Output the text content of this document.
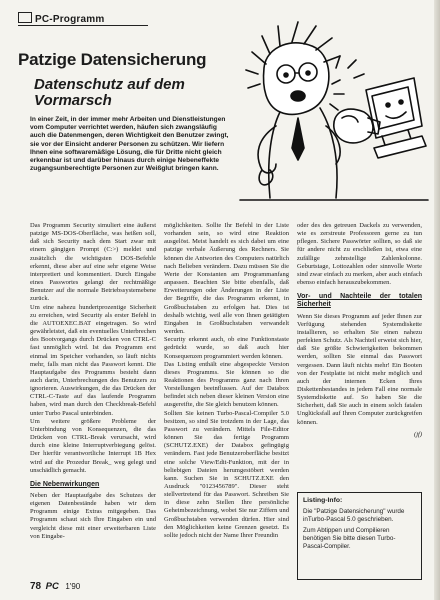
PC-Programm
Patzige Datensicherung
Datenschutz auf dem Vormarsch
In einer Zeit, in der immer mehr Arbeiten und Dienstleistungen vom Computer verrichtet werden, häufen sich zwangsläufig auch die Datenmengen, deren Wichtigkeit den Benutzer zwingt, sie vor der Einsicht anderer Personen zu schützen. Wir liefern Ihnen eine softwaremäßige Lösung, die für Dritte nicht gleich erkennbar ist und darüber hinaus durch einige Nebeneffekte zugangsunberechtigte Personen zur Weißglut bringen kann.

Das Programm Security simuliert eine äußerst patzige MS-DOS-Oberfläche, was heißen soll, daß sich Security nach dem Start zwar mit einem gängigen Prompt (C:>) meldet und zusätzlich die wichtigsten DOS-Befehle erkennt, diese aber auf eine sehr eigene Weise interpretiert und kommentiert. Durch Eingabe eines Passwortes gelangt der rechtmäßige Benutzer auf die normale Betriebssystemebene zurück.

Um eine nahezu hundertprozentige Sicherheit zu erreichen, wird Security als erster Befehl in die AUTOEXEC.BAT eingetragen. So wird gewährleistet, daß ein eventuelles Unterbrechen des Bootvorgangs durch Drücken von CTRL-C fast unmöglich wird. Ist das Programm erst einmal im Speicher vorhanden, so läuft nichts mehr, falls man nicht das Passwort kennt. Die Hauptaufgabe des Programms besteht dann auch darin, Unterbrechungen des Benutzers zu ignorieren. Auswirkungen, die das Drücken der CTRL-C-Taste auf das laufende Programm haben, wird man durch den Checkbreak-Befehl unter Turbo Pascal unterbinden.

Um weitere größere Probleme der Unterbindung von Konsequenzen, die das Drücken von CTRL-Break verursacht, wird durch eine kleine Interruptverbiegung gelöst. Der hierfür verantwortliche Interrupt 1B Hex wird auf die Prozedur Break_ weg gelegt und unschädlich gemacht.

Die Nebenwirkungen

Neben der Hauptaufgabe des Schutzes der eigenen Datenbestände haben wir dem Programm einige Extras mitgegeben. Das Programm schaut sich Ihre Eingaben ein und vergleicht diese mit einer erweiterbaren Liste von Eingabe-

möglichkeiten. Sollte Ihr Befehl in der Liste vorhanden sein, so wird eine Reaktion ausgelöst. Meist handelt es sich dabei um eine patzige verbale Äußerung des Rechners. Sie können die Antworten des Computers natürlich nach Belieben verändern. Dazu müssen Sie die Werte der Konstanten am Programmanfang anpassen. Beachten Sie bitte ebenfalls, daß Erweiterungen oder Änderungen in der Liste der Begriffe, die das Programm erkennt, in Großbuchstaben zu erfolgen hat. Dies ist deshalb wichtig, weil alle von Ihnen getätigten Eingaben in Großbuchstaben verwandelt werden.

Security erkennt auch, ob eine Funktionstaste gedrückt wurde, so daß auch hier Konsequenzen programmiert werden können.

Das Listing enthält eine abgespeckte Version dieses Programms. Sie können so die Reaktionen des Programms ganz nach Ihren Vorstellungen beeinflussen. Auf der Databox befindet sich neben dieser kleinen Version eine ausgereifte, die Sie gleich benutzen können.

Sollten Sie keinen Turbo-Pascal-Compiler 5.0 besitzen, so sind Sie trotzdem in der Lage, das Passwort zu verändern. Mittels File-Editor können Sie das fertige Programm (SCHUTZ.EXE) der Databox gefingügig verändern. Fast jede Benutzeroberfläche besitzt eine solche View/Edit-Funktion, mit der in beliebigen Dateien herumgestöbert werden kann. Suchen Sie in SCHUTZ.EXE den Ausdruck "0123456789". Dieser steht stellvertretend für das Passwort. Schreiben Sie in diese zehn Stellen Ihre persönliche Geheimbezeichnung, wobei Sie nur Ziffern und Großbuchstaben verwenden dürfen. Hier sind den Möglichkeiten keine Grenzen gesetzt. Es sollte jedoch nicht der Name Ihrer Freundin

oder des des getreuen Dackels zu verwenden, wie es zerstreute Professoren gerne zu tun pflegen. Sichere Passwörter sollten, so daß sie für andere nicht zu erschließen ist, etwa eine zufällige zehnstellige Zahlenkolonne. Geburtstage, Lottozahlen oder sinnvolle Worte sind zwar einfach zu merken, aber auch einfach ebenso einfach herauszubekommen.

Vor- und Nachteile der totalen Sicherheit

Wenn Sie dieses Programm auf jeder Ihnen zur Verfügung stehenden Systemdiskette installieren, so erhalten Sie einen nahezu perfekten Schutz. Als Nachteil erweist sich hier, daß Sie größte Schwierigkeiten bekommen werden, sollten Sie einmal das Passwort vergessen. Dann läuft nichts mehr! Ein Booten von der Festplatte ist nicht mehr möglich und auch der internen Ecken Ihres Diskettenbestandes in jedem Fall eine normale Systemdiskette auf. So haben Sie die Sicherheit, daß Sie auch in einem solch fatalen Unglücksfall auf Ihren Computer zurückgreifen können.

(jf)
Listing-Info:

Die "Patzige Datensicherung" wurde inTurbo-Pascal 5.0 geschrieben.

Zum Abtippen und Compilieren benötigen Sie bitte diesen Turbo-Pascal-Compiler.

78 PC 1'90
